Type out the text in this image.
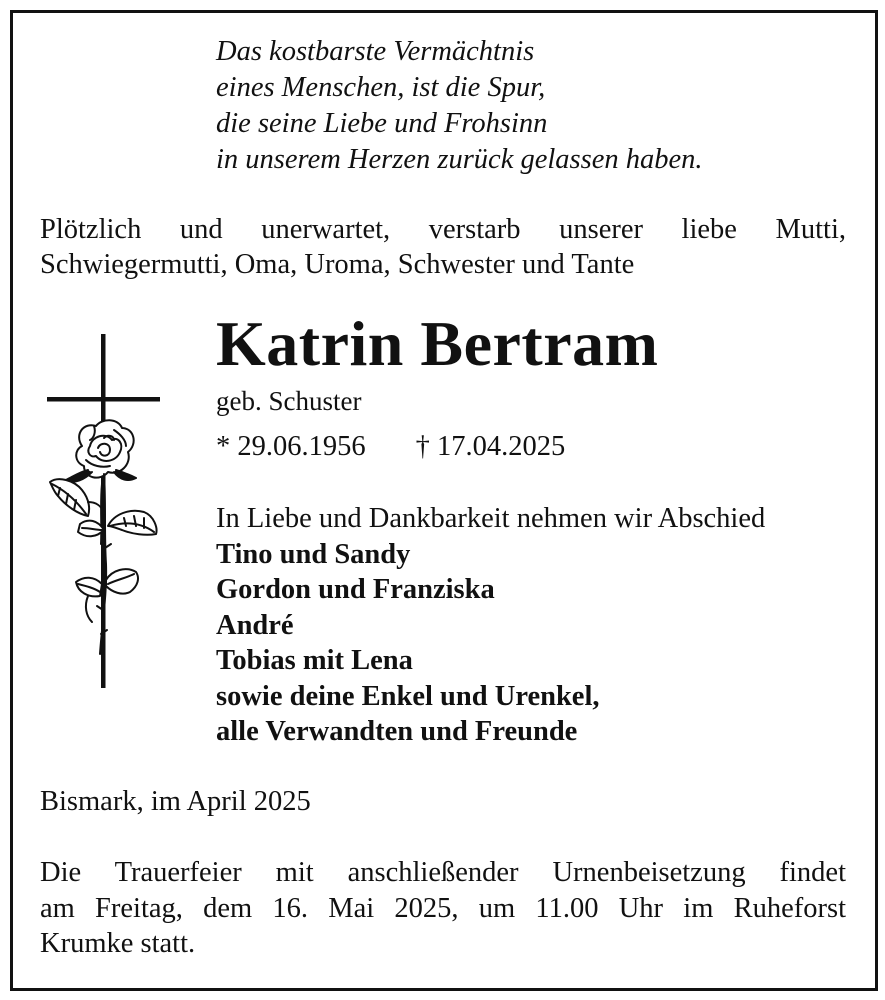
Das kostbarste Vermächtnis
eines Menschen, ist die Spur,
die seine Liebe und Frohsinn
in unserem Herzen zurück gelassen haben.
Plötzlich und unerwartet, verstarb unserer liebe Mutti,
Schwiegermutti, Oma, Uroma, Schwester und Tante
Katrin Bertram
geb. Schuster
* 29.06.1956 † 17.04.2025
In Liebe und Dankbarkeit nehmen wir Abschied
Tino und Sandy
Gordon und Franziska
André
Tobias mit Lena
sowie deine Enkel und Urenkel,
alle Verwandten und Freunde
Bismark, im April 2025
Die Trauerfeier mit anschließender Urnenbeisetzung findet
am Freitag, dem 16. Mai 2025, um 11.00 Uhr im Ruheforst
Krumke statt.
